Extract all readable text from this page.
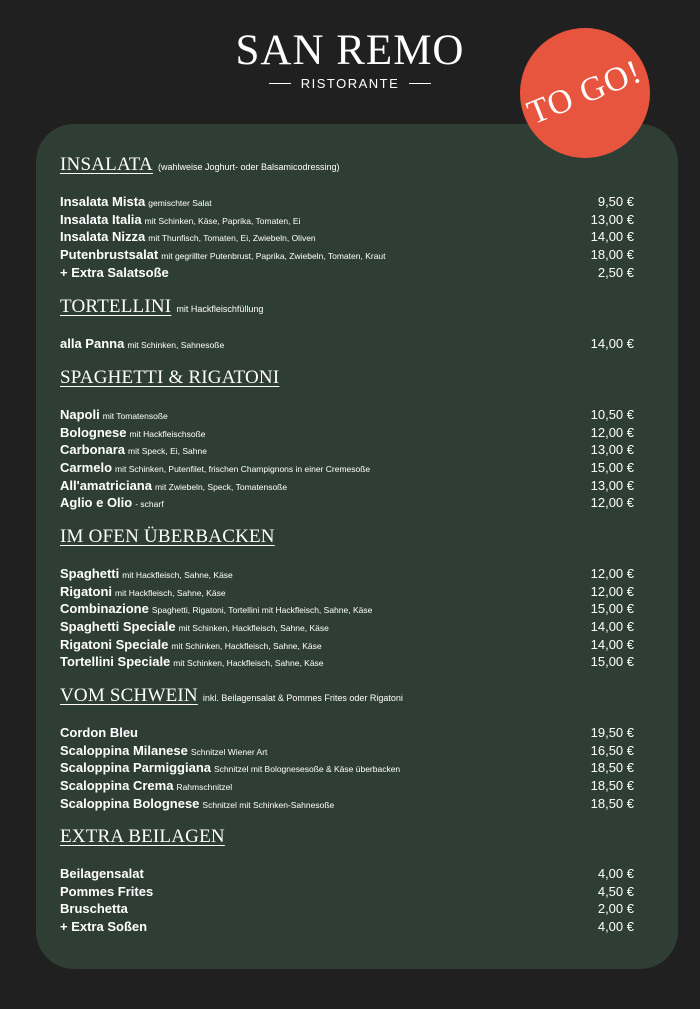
SAN REMO
RISTORANTE	TO GO!
INSALATA (wahlweise Joghurt- oder Balsamicodressing)
Insalata Mista gemischter Salat	9,50 €
Insalata Italia mit Schinken, Käse, Paprika, Tomaten, Ei	13,00 €
Insalata Nizza mit Thunfisch, Tomaten, Ei, Zwiebeln, Oliven	14,00 €
Putenbrustsalat mit gegrillter Putenbrust, Paprika, Zwiebeln, Tomaten, Kraut	18,00 €
+ Extra Salatsoße	2,50 €
TORTELLINI mit Hackfleischfüllung
alla Panna mit Schinken, Sahnesoße	14,00 €
SPAGHETTI & RIGATONI
Napoli mit Tomatensoße	10,50 €
Bolognese mit Hackfleischsoße	12,00 €
Carbonara mit Speck, Ei, Sahne	13,00 €
Carmelo mit Schinken, Putenfilet, frischen Champignons in einer Cremesoße	15,00 €
All'amatriciana mit Zwiebeln, Speck, Tomatensoße	13,00 €
Aglio e Olio - scharf	12,00 €
IM OFEN ÜBERBACKEN
Spaghetti mit Hackfleisch, Sahne, Käse	12,00 €
Rigatoni mit Hackfleisch, Sahne, Käse	12,00 €
Combinazione Spaghetti, Rigatoni, Tortellini mit Hackfleisch, Sahne, Käse	15,00 €
Spaghetti Speciale mit Schinken, Hackfleisch, Sahne, Käse	14,00 €
Rigatoni Speciale mit Schinken, Hackfleisch, Sahne, Käse	14,00 €
Tortellini Speciale mit Schinken, Hackfleisch, Sahne, Käse	15,00 €
VOM SCHWEIN inkl. Beilagensalat & Pommes Frites oder Rigatoni
Cordon Bleu	19,50 €
Scaloppina Milanese Schnitzel Wiener Art	16,50 €
Scaloppina Parmiggiana Schnitzel mit Bolognesesoße & Käse überbacken	18,50 €
Scaloppina Crema Rahmschnitzel	18,50 €
Scaloppina Bolognese Schnitzel mit Schinken-Sahnesoße	18,50 €
EXTRA BEILAGEN
Beilagensalat	4,00 €
Pommes Frites	4,50 €
Bruschetta	2,00 €
+ Extra Soßen	4,00 €
